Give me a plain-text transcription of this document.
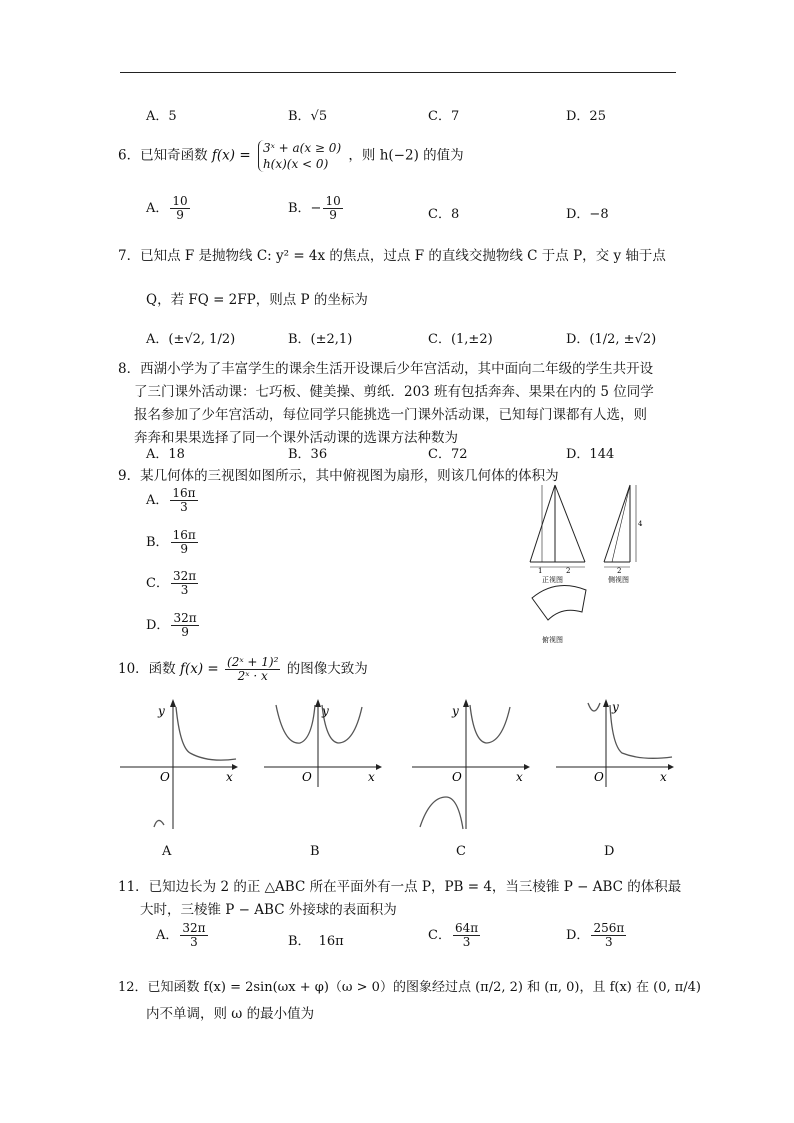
A．5	B．√5	C．7	D．25
6．已知奇函数 f(x) = 3ˣ + a(x ≥ 0)
h(x)(x < 0)
，则 h(−2) 的值为
A． $\frac{10}{9}$	B．− $\frac{10}{9}$	C．8	D．−8
7．已知点 F 是抛物线 C: y² = 4x 的焦点，过点 F 的直线交抛物线 C 于点 P，交 y 轴于点
Q，若 FQ = 2FP，则点 P 的坐标为
A．(±√2, 1/2)	B．(±2,1)	C．(1,±2)	D．(1/2, ±√2)
8．西湖小学为了丰富学生的课余生活开设课后少年宫活动，其中面向二年级的学生共开设
了三门课外活动课：七巧板、健美操、剪纸．203 班有包括奔奔、果果在内的 5 位同学
报名参加了少年宫活动，每位同学只能挑选一门课外活动课，已知每门课都有人选，则
奔奔和果果选择了同一个课外活动课的选课方法种数为
A．18	B．36	C．72	D．144
9．某几何体的三视图如图所示，其中俯视图为扇形，则该几何体的体积为
A． $\frac{16\pi}{3}$
B． $\frac{16\pi}{9}$
C． $\frac{32\pi}{3}$
D． $\frac{32\pi}{9}$
1	2
正视图
4
2
侧视图
俯视图
10．函数 $f(x) = \frac{\text{(2ˣ + 1)²}}{\text{2ˣ · x}}$ 的图像大致为
y
O	x
y
O	x
y
O	x
y
O	x
A	B	C	D
11．已知边长为 2 的正 △ABC 所在平面外有一点 P，PB = 4，当三棱锥 P − ABC 的体积最
大时，三棱锥 P − ABC 外接球的表面积为
A． $\frac{32\pi}{3}$	B． 16π	C． $\frac{64\pi}{3}$	D． $\frac{256\pi}{3}$
12．已知函数 f(x) = 2sin(ωx + φ)（ω > 0）的图象经过点 (π/2, 2) 和 (π, 0)，且 f(x) 在 (0, π/4)
内不单调，则 ω 的最小值为
